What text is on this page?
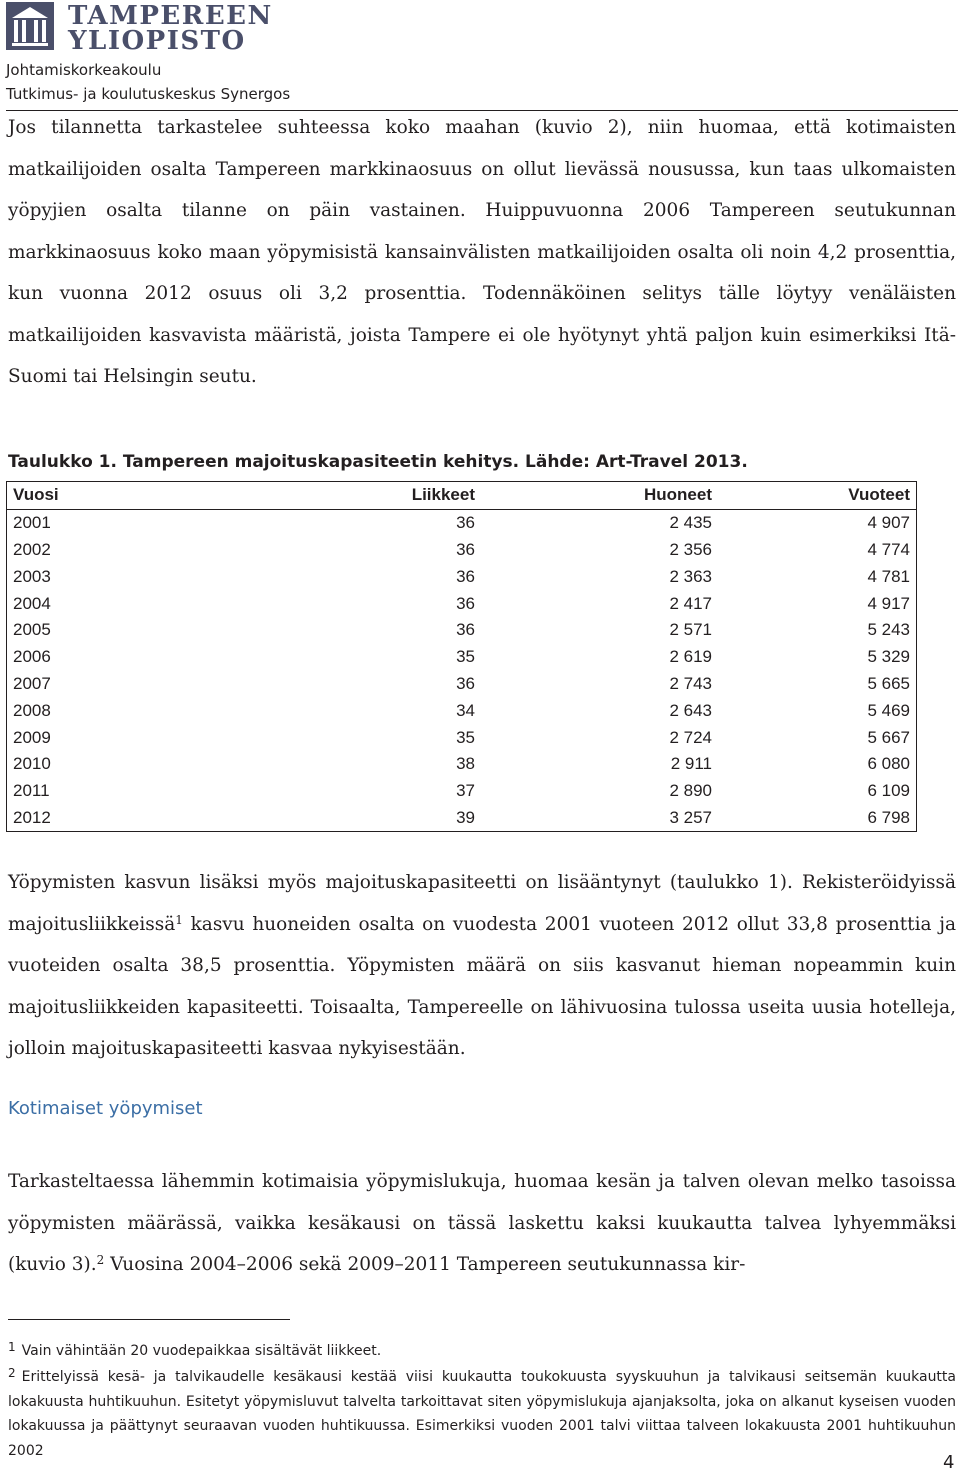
TAMPEREEN
YLIOPISTO
Johtamiskorkeakoulu
Tutkimus- ja koulutuskeskus Synergos

Jos tilannetta tarkastelee suhteessa koko maahan (kuvio 2), niin huomaa, että kotimaisten matkailijoiden osalta Tampereen markkinaosuus on ollut lievässä nousussa, kun taas ulkomaisten yöpyjien osalta tilanne on päin vastainen. Huippuvuonna 2006 Tampereen seutukunnan markkinaosuus koko maan yöpymisistä kansainvälisten matkailijoiden osalta oli noin 4,2 prosenttia, kun vuonna 2012 osuus oli 3,2 prosenttia. Todennäköinen selitys tälle löytyy venäläisten matkailijoiden kasvavista määristä, joista Tampere ei ole hyötynyt yhtä paljon kuin esimerkiksi Itä-Suomi tai Helsingin seutu.

Taulukko 1. Tampereen majoituskapasiteetin kehitys. Lähde: Art-Travel 2013.
Vuosi	Liikkeet	Huoneet	Vuoteet
2001	36	2 435	4 907
2002	36	2 356	4 774
2003	36	2 363	4 781
2004	36	2 417	4 917
2005	36	2 571	5 243
2006	35	2 619	5 329
2007	36	2 743	5 665
2008	34	2 643	5 469
2009	35	2 724	5 667
2010	38	2 911	6 080
2011	37	2 890	6 109
2012	39	3 257	6 798

Yöpymisten kasvun lisäksi myös majoituskapasiteetti on lisääntynyt (taulukko 1). Rekisteröidyissä majoitusliikkeissä$^1$ kasvu huoneiden osalta on vuodesta 2001 vuoteen 2012 ollut 33,8 prosenttia ja vuoteiden osalta 38,5 prosenttia. Yöpymisten määrä on siis kasvanut hieman nopeammin kuin majoitusliikkeiden kapasiteetti. Toisaalta, Tampereelle on lähivuosina tulossa useita uusia hotelleja, jolloin majoituskapasiteetti kasvaa nykyisestään.

Kotimaiset yöpymiset

Tarkasteltaessa lähemmin kotimaisia yöpymislukuja, huomaa kesän ja talven olevan melko tasoissa yöpymisten määrässä, vaikka kesäkausi on tässä laskettu kaksi kuukautta talvea lyhyemmäksi (kuvio 3).$^2$ Vuosina 2004–2006 sekä 2009–2011 Tampereen seutukunnassa kir-

1 Vain vähintään 20 vuodepaikkaa sisältävät liikkeet.
2 Erittelyissä kesä- ja talvikaudelle kesäkausi kestää viisi kuukautta toukokuusta syyskuuhun ja talvikausi seitsemän kuukautta lokakuusta huhtikuuhun. Esitetyt yöpymisluvut talvelta tarkoittavat siten yöpymislukuja ajanjaksolta, joka on alkanut kyseisen vuoden lokakuussa ja päättynyt seuraavan vuoden huhtikuussa. Esimerkiksi vuoden 2001 talvi viittaa talveen lokakuusta 2001 huhtikuuhun 2002
4
